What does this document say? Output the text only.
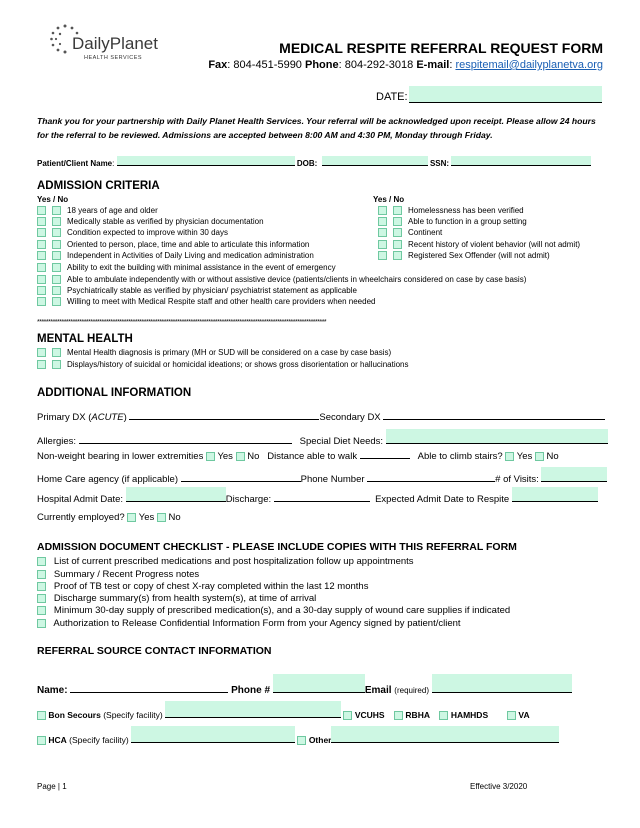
DailyPlanet
HEALTH SERVICES
MEDICAL RESPITE REFERRAL REQUEST FORM
Fax: 804-451-5990 Phone: 804-292-3018 E-mail: respitemail@dailyplanetva.org
DATE:
Thank you for your partnership with Daily Planet Health Services. Your referral will be acknowledged upon receipt. Please allow 24 hours for the referral to be reviewed. Admissions are accepted between 8:00 AM and 4:30 PM, Monday through Friday.
Patient/Client Name:	DOB:	SSN:
ADMISSION CRITERIA
Yes / No	Yes / No
18 years of age and older
Medically stable as verified by physician documentation
Condition expected to improve within 30 days
Oriented to person, place, time and able to articulate this information
Independent in Activities of Daily Living and medication administration
Homelessness has been verified
Able to function in a group setting
Continent
Recent history of violent behavior (will not admit)
Registered Sex Offender (will not admit)
Ability to exit the building with minimal assistance in the event of emergency
Able to ambulate independently with or without assistive device (patients/clients in wheelchairs considered on case by case basis)
Psychiatrically stable as verified by physician/ psychiatrist statement as applicable
Willing to meet with Medical Respite staff and other health care providers when needed
**********************************************************************************************************************************
MENTAL HEALTH
Mental Health diagnosis is primary (MH or SUD will be considered on a case by case basis)
Displays/history of suicidal or homicidal ideations; or shows gross disorientation or hallucinations
ADDITIONAL INFORMATION
Primary DX (ACUTE)	Secondary DX
Allergies:	Special Diet Needs:
Non-weight bearing in lower extremities Yes No Distance able to walk	Able to climb stairs? Yes No
Home Care agency (if applicable)	Phone Number	# of Visits:
Hospital Admit Date:	Discharge:	Expected Admit Date to Respite
Currently employed? Yes No
ADMISSION DOCUMENT CHECKLIST - PLEASE INCLUDE COPIES WITH THIS REFERRAL FORM
List of current prescribed medications and post hospitalization follow up appointments
Summary / Recent Progress notes
Proof of TB test or copy of chest X-ray completed within the last 12 months
Discharge summary(s) from health system(s), at time of arrival
Minimum 30-day supply of prescribed medication(s), and a 30-day supply of wound care supplies if indicated
Authorization to Release Confidential Information Form from your Agency signed by patient/client
REFERRAL SOURCE CONTACT INFORMATION
Name:	Phone #	Email (required)
Bon Secours (Specify facility)	VCUHS RBHA HAMHDS	VA
HCA (Specify facility)	Other
Page | 1	Effective 3/2020
